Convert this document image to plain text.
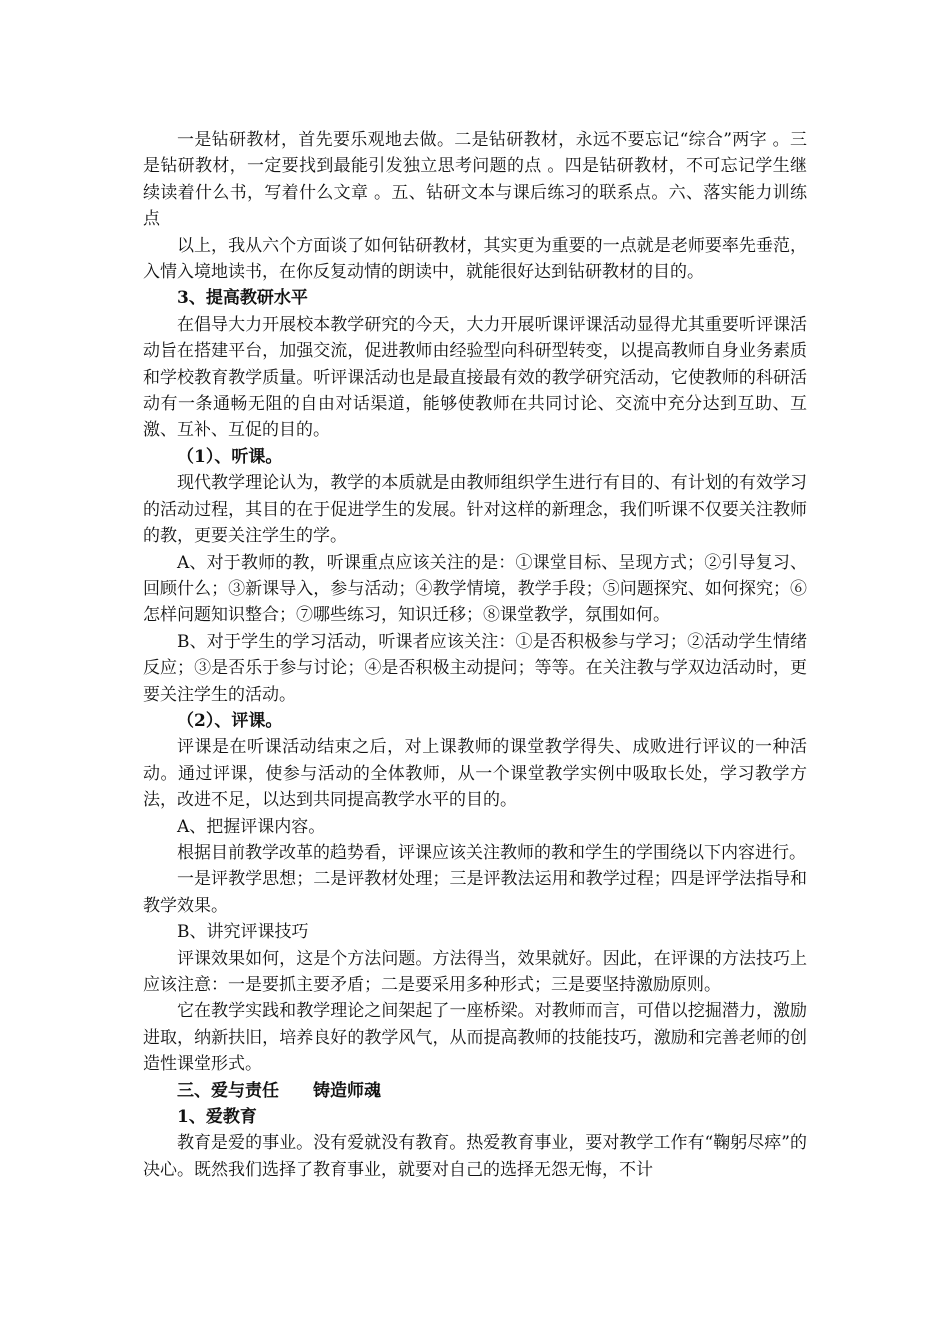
一是钻研教材，首先要乐观地去做。二是钻研教材，永远不要忘记“综合”两字 。三是钻研教材，一定要找到最能引发独立思考问题的点 。四是钻研教材，不可忘记学生继续读着什么书，写着什么文章 。五、钻研文本与课后练习的联系点。六、落实能力训练点

以上，我从六个方面谈了如何钻研教材，其实更为重要的一点就是老师要率先垂范，入情入境地读书，在你反复动情的朗读中，就能很好达到钻研教材的目的。

3、提高教研水平

在倡导大力开展校本教学研究的今天，大力开展听课评课活动显得尤其重要听评课活动旨在搭建平台，加强交流，促进教师由经验型向科研型转变，以提高教师自身业务素质和学校教育教学质量。听评课活动也是最直接最有效的教学研究活动，它使教师的科研活动有一条通畅无阻的自由对话渠道，能够使教师在共同讨论、交流中充分达到互助、互激、互补、互促的目的。

（1）、听课。

现代教学理论认为，教学的本质就是由教师组织学生进行有目的、有计划的有效学习的活动过程，其目的在于促进学生的发展。针对这样的新理念，我们听课不仅要关注教师的教，更要关注学生的学。

A、对于教师的教，听课重点应该关注的是：①课堂目标、呈现方式；②引导复习、回顾什么；③新课导入，参与活动；④教学情境，教学手段；⑤问题探究、如何探究；⑥怎样问题知识整合；⑦哪些练习，知识迁移；⑧课堂教学，氛围如何。

B、对于学生的学习活动，听课者应该关注：①是否积极参与学习；②活动学生情绪反应；③是否乐于参与讨论；④是否积极主动提问；等等。在关注教与学双边活动时，更要关注学生的活动。

（2）、评课。

评课是在听课活动结束之后，对上课教师的课堂教学得失、成败进行评议的一种活动。通过评课，使参与活动的全体教师，从一个课堂教学实例中吸取长处，学习教学方法，改进不足，以达到共同提高教学水平的目的。

A、把握评课内容。

根据目前教学改革的趋势看，评课应该关注教师的教和学生的学围绕以下内容进行。

一是评教学思想；二是评教材处理；三是评教法运用和教学过程；四是评学法指导和教学效果。

B、讲究评课技巧

评课效果如何，这是个方法问题。方法得当，效果就好。因此，在评课的方法技巧上应该注意：一是要抓主要矛盾；二是要采用多种形式；三是要坚持激励原则。

它在教学实践和教学理论之间架起了一座桥梁。对教师而言，可借以挖掘潜力，激励进取，纳新扶旧，培养良好的教学风气，从而提高教师的技能技巧，激励和完善老师的创造性课堂形式。

三、爱与责任　　铸造师魂

1、爱教育

教育是爱的事业。没有爱就没有教育。热爱教育事业，要对教学工作有“鞠躬尽瘁”的决心。既然我们选择了教育事业，就要对自己的选择无怨无悔，不计
